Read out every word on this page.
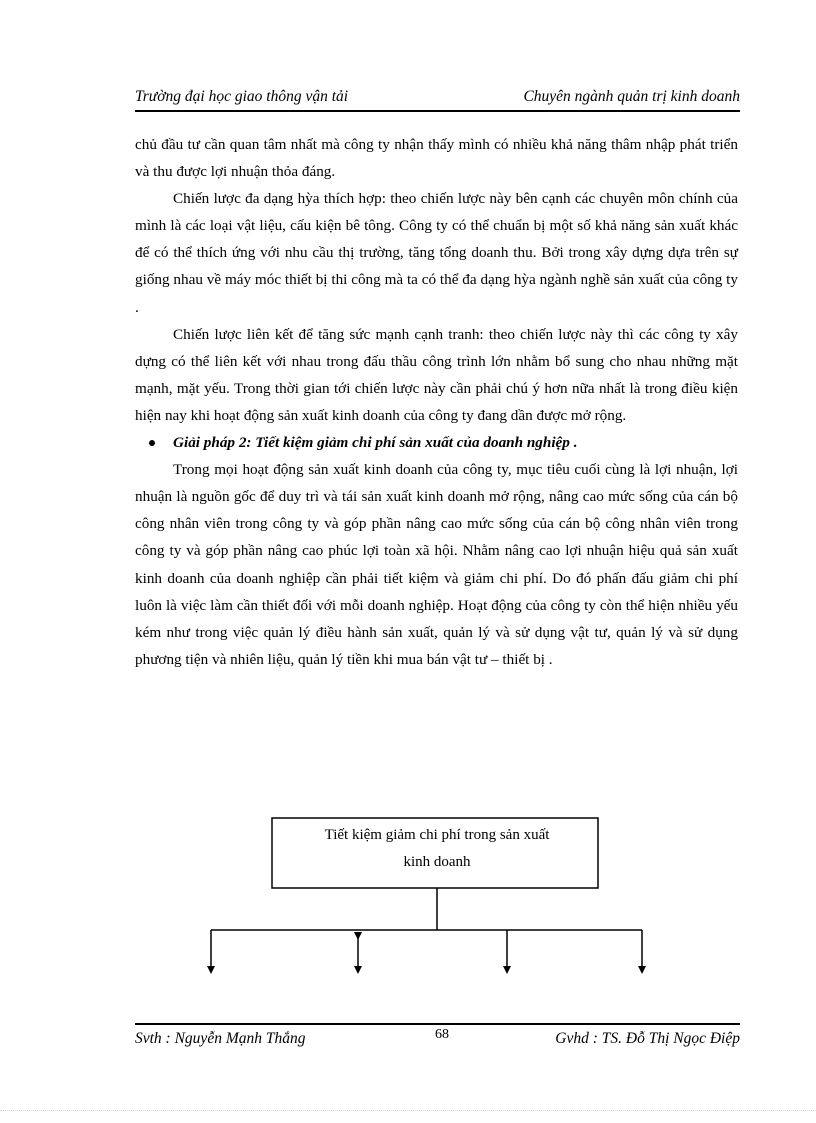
Trường đại học giao thông vận tải	Chuyên ngành quản trị kinh doanh

chủ đầu tư cần quan tâm nhất mà công ty nhận thấy mình có nhiều khả năng thâm nhập phát triển và thu được lợi nhuận thỏa đáng.

Chiến lược đa dạng hỳa thích hợp: theo chiến lược này bên cạnh các chuyên môn chính của mình là các loại vật liệu, cấu kiện bê tông. Công ty có thể chuẩn bị một số khả năng sản xuất khác để có thể thích ứng với nhu cầu thị trường, tăng tổng doanh thu. Bởi trong xây dựng dựa trên sự giống nhau về máy móc thiết bị thi công mà ta có thể đa dạng hỳa ngành nghề sản xuất của công ty .

Chiến lược liên kết để tăng sức mạnh cạnh tranh: theo chiến lược này thì các công ty xây dựng có thể liên kết với nhau trong đấu thầu công trình lớn nhằm bổ sung cho nhau những mặt mạnh, mặt yếu. Trong thời gian tới chiến lược này cần phải chú ý hơn nữa nhất là trong điều kiện hiện nay khi hoạt động sản xuất kinh doanh của công ty đang dần được mở rộng.

Giải pháp 2: Tiết kiệm giảm chi phí sản xuất của doanh nghiệp .

Trong mọi hoạt động sản xuất kinh doanh của công ty, mục tiêu cuối cùng là lợi nhuận, lợi nhuận là nguồn gốc để duy trì và tái sản xuất kinh doanh mở rộng, nâng cao mức sống của cán bộ công nhân viên trong công ty và góp phần nâng cao mức sống của cán bộ công nhân viên trong công ty và góp phần nâng cao phúc lợi toàn xã hội. Nhằm nâng cao lợi nhuận hiệu quả sản xuất kinh doanh của doanh nghiệp cần phải tiết kiệm và giảm chi phí. Do đó phấn đấu giảm chi phí luôn là việc làm cần thiết đối với mỗi doanh nghiệp. Hoạt động của công ty còn thể hiện nhiều yếu kém như trong việc quản lý điều hành sản xuất, quản lý và sử dụng vật tư, quản lý và sử dụng phương tiện và nhiên liệu, quản lý tiền khi mua bán vật tư – thiết bị .

Tiết kiệm giảm chi phí trong sản xuất
kinh doanh
Svth : Nguyễn Mạnh Thắng	68	Gvhd : TS. Đỗ Thị Ngọc Điệp
